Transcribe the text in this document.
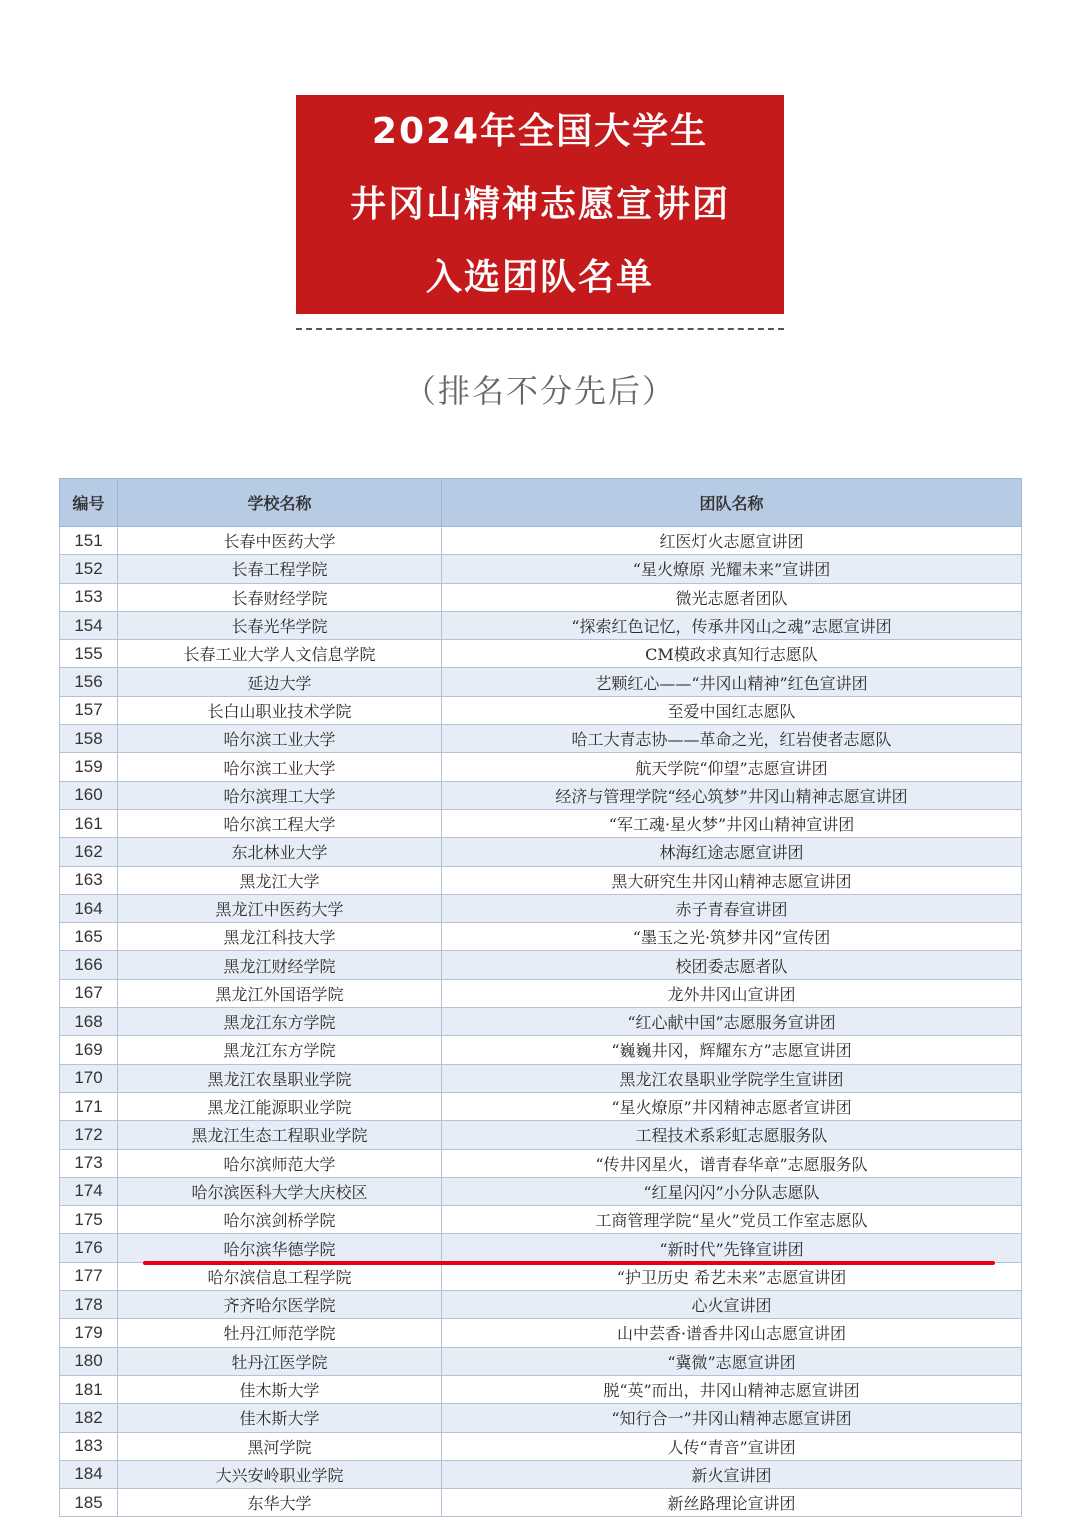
2024年全国大学生
井冈山精神志愿宣讲团
入选团队名单
（排名不分先后）
编号	学校名称	团队名称
151	长春中医药大学	红医灯火志愿宣讲团
152	长春工程学院	“星火燎原 光耀未来”宣讲团
153	长春财经学院	微光志愿者团队
154	长春光华学院	“探索红色记忆，传承井冈山之魂”志愿宣讲团
155	长春工业大学人文信息学院	CM模政求真知行志愿队
156	延边大学	艺颗红心——“井冈山精神”红色宣讲团
157	长白山职业技术学院	至爱中国红志愿队
158	哈尔滨工业大学	哈工大青志协——革命之光，红岩使者志愿队
159	哈尔滨工业大学	航天学院“仰望”志愿宣讲团
160	哈尔滨理工大学	经济与管理学院“经心筑梦”井冈山精神志愿宣讲团
161	哈尔滨工程大学	“军工魂·星火梦”井冈山精神宣讲团
162	东北林业大学	林海红途志愿宣讲团
163	黑龙江大学	黑大研究生井冈山精神志愿宣讲团
164	黑龙江中医药大学	赤子青春宣讲团
165	黑龙江科技大学	“墨玉之光·筑梦井冈”宣传团
166	黑龙江财经学院	校团委志愿者队
167	黑龙江外国语学院	龙外井冈山宣讲团
168	黑龙江东方学院	“红心献中国”志愿服务宣讲团
169	黑龙江东方学院	“巍巍井冈，辉耀东方”志愿宣讲团
170	黑龙江农垦职业学院	黑龙江农垦职业学院学生宣讲团
171	黑龙江能源职业学院	“星火燎原”井冈精神志愿者宣讲团
172	黑龙江生态工程职业学院	工程技术系彩虹志愿服务队
173	哈尔滨师范大学	“传井冈星火，谱青春华章”志愿服务队
174	哈尔滨医科大学大庆校区	“红星闪闪”小分队志愿队
175	哈尔滨剑桥学院	工商管理学院“星火”党员工作室志愿队
176	哈尔滨华德学院	“新时代”先锋宣讲团
177	哈尔滨信息工程学院	“护卫历史 希艺未来”志愿宣讲团
178	齐齐哈尔医学院	心火宣讲团
179	牡丹江师范学院	山中芸香·谱香井冈山志愿宣讲团
180	牡丹江医学院	“冀微”志愿宣讲团
181	佳木斯大学	脱“英”而出，井冈山精神志愿宣讲团
182	佳木斯大学	“知行合一”井冈山精神志愿宣讲团
183	黑河学院	人传“青音”宣讲团
184	大兴安岭职业学院	新火宣讲团
185	东华大学	新丝路理论宣讲团
